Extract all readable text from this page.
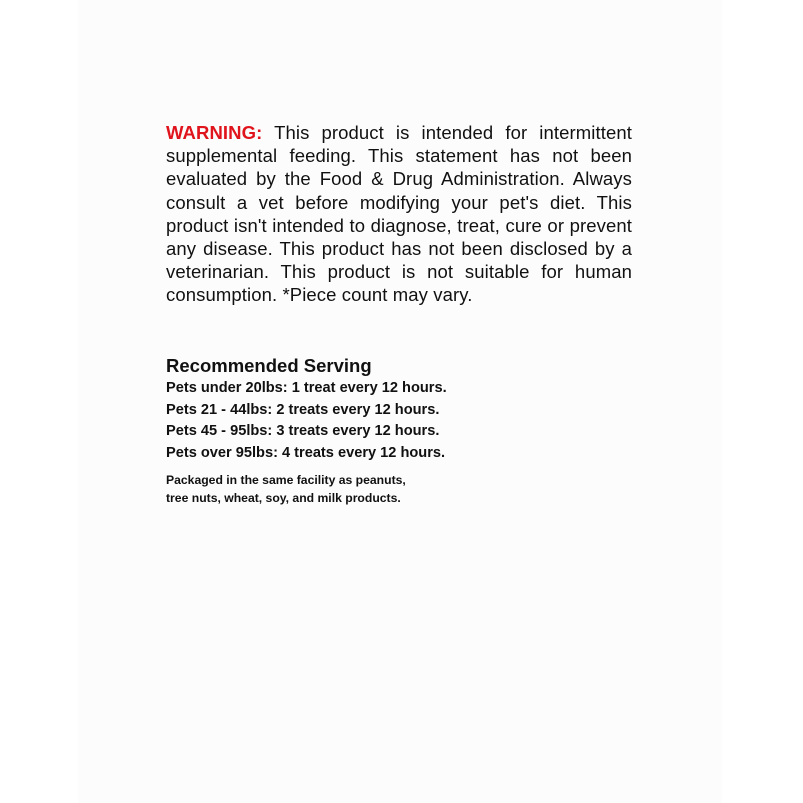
WARNING: This product is intended for intermittent supplemental feeding. This statement has not been evaluated by the Food & Drug Administration. Always consult a vet before modifying your pet's diet. This product isn't intended to diagnose, treat, cure or prevent any disease. This product has not been disclosed by a veterinarian. This product is not suitable for human consumption. *Piece count may vary.

Recommended Serving
Pets under 20lbs: 1 treat every 12 hours.
Pets 21 - 44lbs: 2 treats every 12 hours.
Pets 45 - 95lbs: 3 treats every 12 hours.
Pets over 95lbs: 4 treats every 12 hours.

Packaged in the same facility as peanuts,
tree nuts, wheat, soy, and milk products.
